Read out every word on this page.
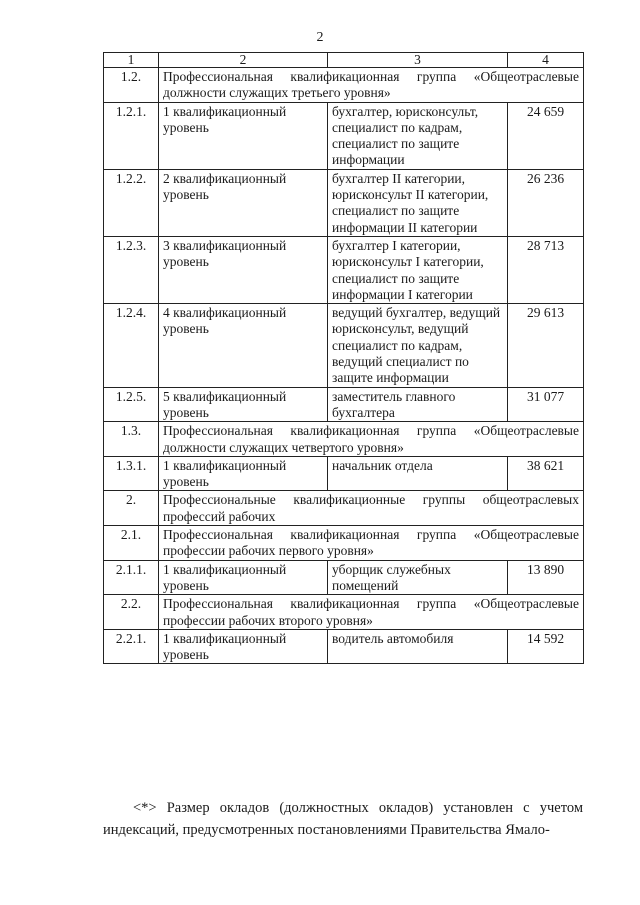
2
1	2	3	4
1.2.	Профессиональная квалификационная группа «Общеотраслевые должности служащих третьего уровня»		
1.2.1.	1 квалификационный уровень	бухгалтер, юрисконсульт, специалист по кадрам, специалист по защите информации	24 659
1.2.2.	2 квалификационный уровень	бухгалтер II категории, юрисконсульт II категории, специалист по защите информации II категории	26 236
1.2.3.	3 квалификационный уровень	бухгалтер I категории, юрисконсульт I категории, специалист по защите информации I категории	28 713
1.2.4.	4 квалификационный уровень	ведущий бухгалтер, ведущий юрисконсульт, ведущий специалист по кадрам, ведущий специалист по защите информации	29 613
1.2.5.	5 квалификационный уровень	заместитель главного бухгалтера	31 077
1.3.	Профессиональная квалификационная группа «Общеотраслевые должности служащих четвертого уровня»		
1.3.1.	1 квалификационный уровень	начальник отдела	38 621
2.	Профессиональные квалификационные группы общеотраслевых профессий рабочих		
2.1.	Профессиональная квалификационная группа «Общеотраслевые профессии рабочих первого уровня»		
2.1.1.	1 квалификационный уровень	уборщик служебных помещений	13 890
2.2.	Профессиональная квалификационная группа «Общеотраслевые профессии рабочих второго уровня»		
2.2.1.	1 квалификационный уровень	водитель автомобиля	14 592
<*> Размер окладов (должностных окладов) установлен с учетом индексаций, предусмотренных постановлениями Правительства Ямало-
